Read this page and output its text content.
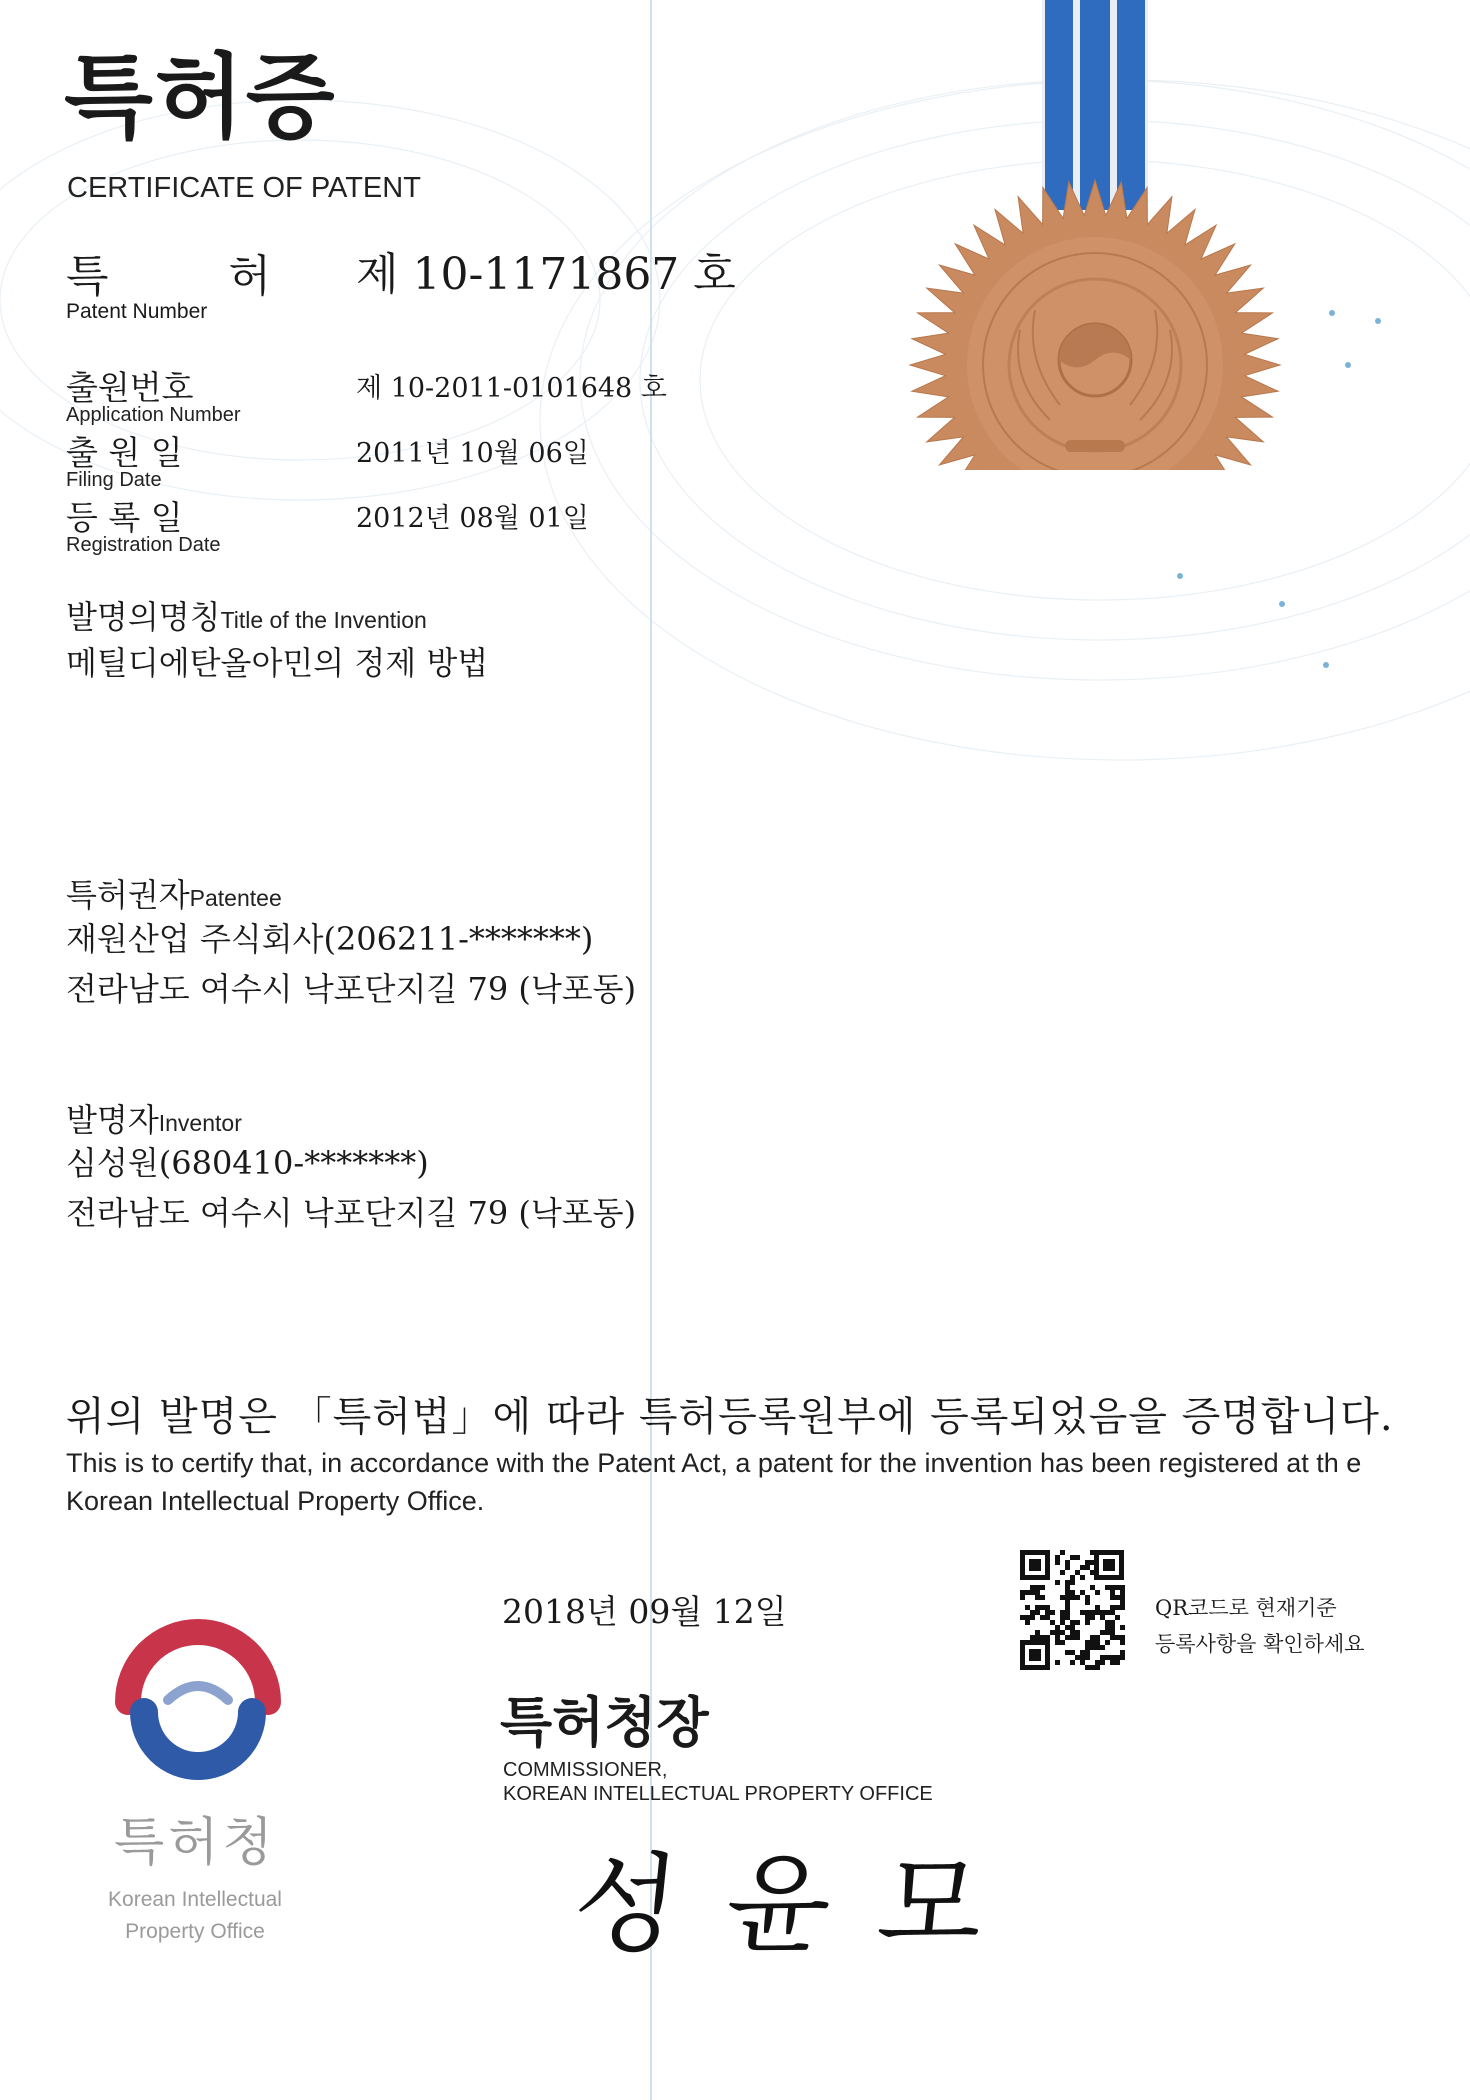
특허증
CERTIFICATE OF PATENT
특	허 제 10-1171867 호
Patent Number
출원번호
Application Number
제 10-2011-0101648 호
출 원 일
Filing Date
2011년 10월 06일
등 록 일
Registration Date
2012년 08월 01일
발명의명칭Title of the Invention
메틸디에탄올아민의 정제 방법
특허권자Patentee
재원산업 주식회사(206211-*******)
전라남도 여수시 낙포단지길 79 (낙포동)
발명자Inventor
심성원(680410-*******)
전라남도 여수시 낙포단지길 79 (낙포동)
위의 발명은 「특허법」에 따라 특허등록원부에 등록되었음을 증명합니다.
This is to certify that, in accordance with the Patent Act, a patent for the invention has been registered at th e Korean Intellectual Property Office.
2018년 09월 12일	QR코드로 현재기준
등록사항을 확인하세요
특허청장
COMMISSIONER,
KOREAN INTELLECTUAL PROPERTY OFFICE
성윤모
특허청
Korean Intellectual Property Office
